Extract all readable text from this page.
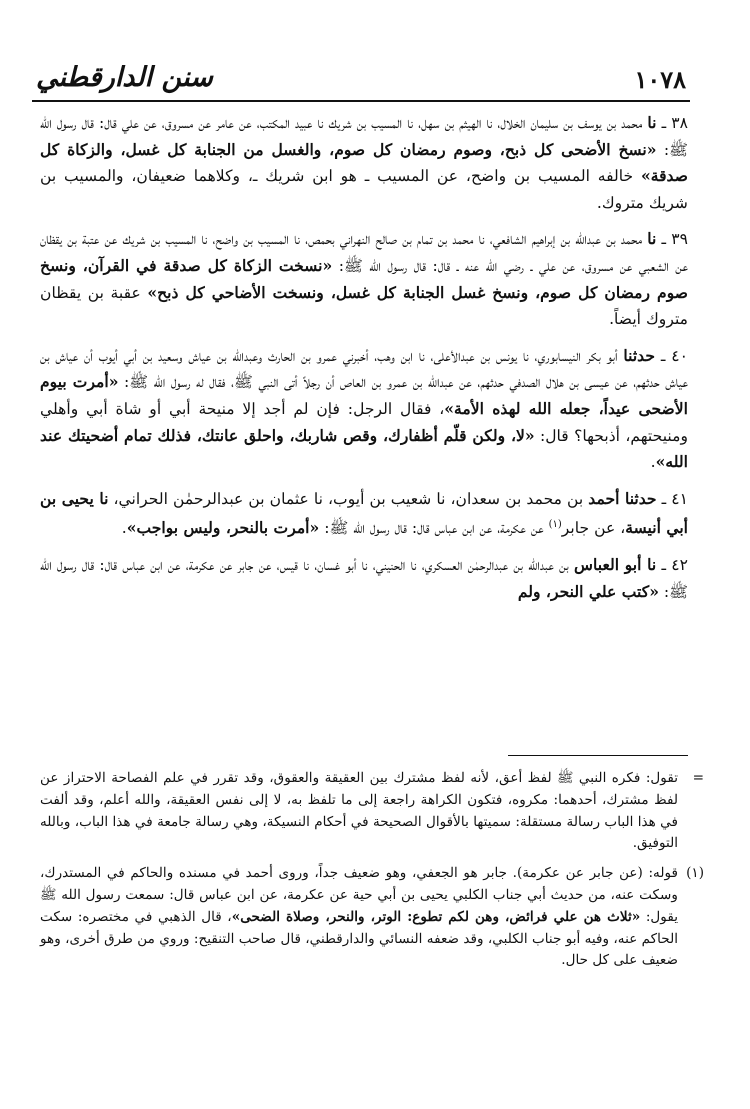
سنن الدارقطني	١٠٧٨

٣٨ ـ نا محمد بن يوسف بن سليمان الخلال، نا الهيثم بن سهل، نا المسيب بن شريك نا عبيد المكتب، عن عامر عن مسروق، عن علي قال: قال رسول الله ﷺ: «نسخ الأضحى كل ذبح، وصوم رمضان كل صوم، والغسل من الجنابة كل غسل، والزكاة كل صدقة» خالفه المسيب بن واضح، عن المسيب ـ هو ابن شريك ـ، وكلاهما ضعيفان، والمسيب بن شريك متروك.

٣٩ ـ نا محمد بن عبدالله بن إبراهيم الشافعي، نا محمد بن تمام بن صالح النهراني بحمص، نا المسيب بن واضح، نا المسيب بن شريك عن عتبة بن يقظان عن الشعبي عن مسروق، عن علي ـ رضي الله عنه ـ قال: قال رسول الله ﷺ: «نسخت الزكاة كل صدقة في القرآن، ونسخ صوم رمضان كل صوم، ونسخ غسل الجنابة كل غسل، ونسخت الأضاحي كل ذبح» عقبة بن يقظان متروك أيضاً.

٤٠ ـ حدثنا أبو بكر النيسابوري، نا يونس بن عبدالأعلى، نا ابن وهب، أخبرني عمرو بن الحارث وعبدالله بن عياش وسعيد بن أبي أيوب أن عياش بن عياش حدثهم، عن عيسى بن هلال الصدفي حدثهم، عن عبدالله بن عمرو بن العاص أن رجلاً أتى النبي ﷺ، فقال له رسول الله ﷺ: «أمرت بيوم الأضحى عيداً، جعله الله لهذه الأمة»، فقال الرجل: فإن لم أجد إلا منيحة أبي أو شاة أبي وأهلي ومنيحتهم، أذبحها؟ قال: «لا، ولكن قلّم أظفارك، وقص شاربك، واحلق عانتك، فذلك تمام أضحيتك عند الله».

٤١ ـ حدثنا أحمد بن محمد بن سعدان، نا شعيب بن أيوب، نا عثمان بن عبدالرحمٰن الحراني، نا يحيى بن أبي أنيسة، عن جابر$^{(١)}$ عن عكرمة، عن ابن عباس قال: قال رسول الله ﷺ: «أمرت بالنحر، وليس بواجب».

٤٢ ـ نا أبو العباس بن عبدالله بن عبدالرحمٰن العسكري، نا الحنيني، نا أبو غسان، نا قيس، عن جابر عن عكرمة، عن ابن عباس قال: قال رسول الله ﷺ: «كتب علي النحر، ولم

=
تقول: فكره النبي ﷺ لفظ أعق، لأنه لفظ مشترك بين العقيقة والعقوق، وقد تقرر في علم الفصاحة الاحتراز عن لفظ مشترك، أحدهما: مكروه، فتكون الكراهة راجعة إلى ما تلفظ به، لا إلى نفس العقيقة، والله أعلم، وقد ألفت في هذا الباب رسالة مستقلة: سميتها بالأقوال الصحيحة في أحكام النسيكة، وهي رسالة جامعة في هذا الباب، وبالله التوفيق.
(١)
قوله: (عن جابر عن عكرمة). جابر هو الجعفي، وهو ضعيف جداً، وروى أحمد في مسنده والحاكم في المستدرك، وسكت عنه، من حديث أبي جناب الكلبي يحيى بن أبي حية عن عكرمة، عن ابن عباس قال: سمعت رسول الله ﷺ يقول: «ثلاث هن علي فرائض، وهن لكم تطوع: الوتر، والنحر، وصلاة الضحى»، قال الذهبي في مختصره: سكت الحاكم عنه، وفيه أبو جناب الكلبي، وقد ضعفه النسائي والدارقطني، قال صاحب التنقيح: وروي من طرق أخرى، وهو ضعيف على كل حال.
